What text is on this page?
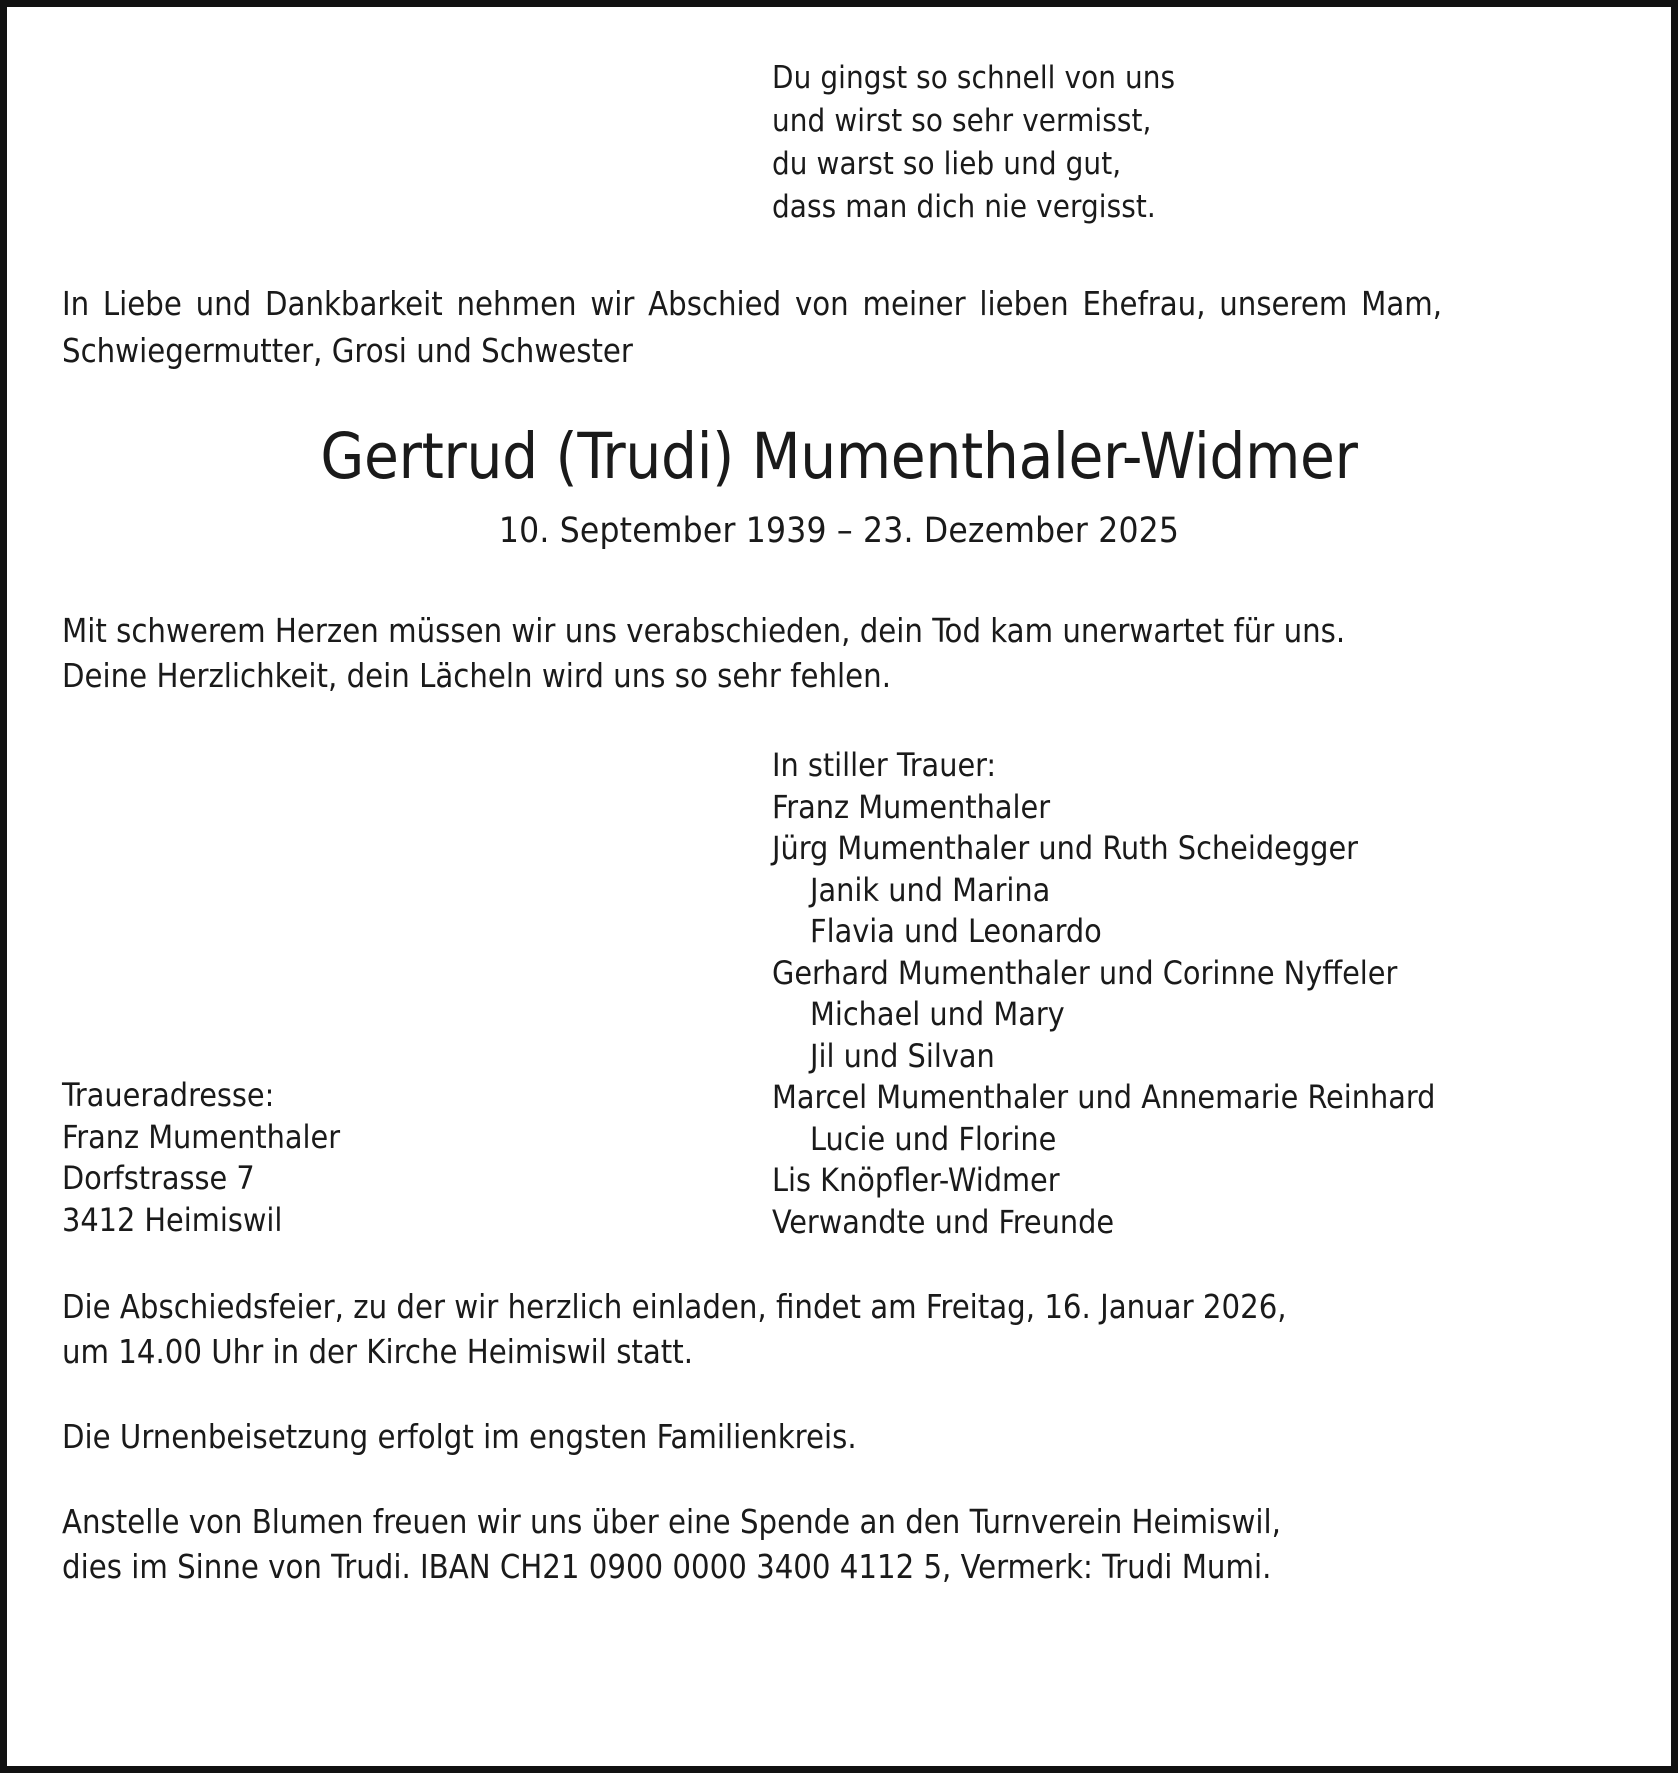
Du gingst so schnell von uns
und wirst so sehr vermisst,
du warst so lieb und gut,
dass man dich nie vergisst.

In Liebe und Dankbarkeit nehmen wir Abschied von meiner lieben Ehefrau, unserem Mam, Schwiegermutter, Grosi und Schwester

Gertrud (Trudi) Mumenthaler-Widmer

10. September 1939 – 23. Dezember 2025

Mit schwerem Herzen müssen wir uns verabschieden, dein Tod kam unerwartet für uns.
Deine Herzlichkeit, dein Lächeln wird uns so sehr fehlen.

In stiller Trauer:
Franz Mumenthaler
Jürg Mumenthaler und Ruth Scheidegger
Janik und Marina
Flavia und Leonardo
Gerhard Mumenthaler und Corinne Nyffeler
Michael und Mary
Jil und Silvan
Marcel Mumenthaler und Annemarie Reinhard
Lucie und Florine
Lis Knöpfler-Widmer
Verwandte und Freunde
Traueradresse:
Franz Mumenthaler
Dorfstrasse 7
3412 Heimiswil

Die Abschiedsfeier, zu der wir herzlich einladen, findet am Freitag, 16. Januar 2026,
um 14.00 Uhr in der Kirche Heimiswil statt.

Die Urnenbeisetzung erfolgt im engsten Familienkreis.

Anstelle von Blumen freuen wir uns über eine Spende an den Turnverein Heimiswil,
dies im Sinne von Trudi. IBAN CH21 0900 0000 3400 4112 5, Vermerk: Trudi Mumi.
